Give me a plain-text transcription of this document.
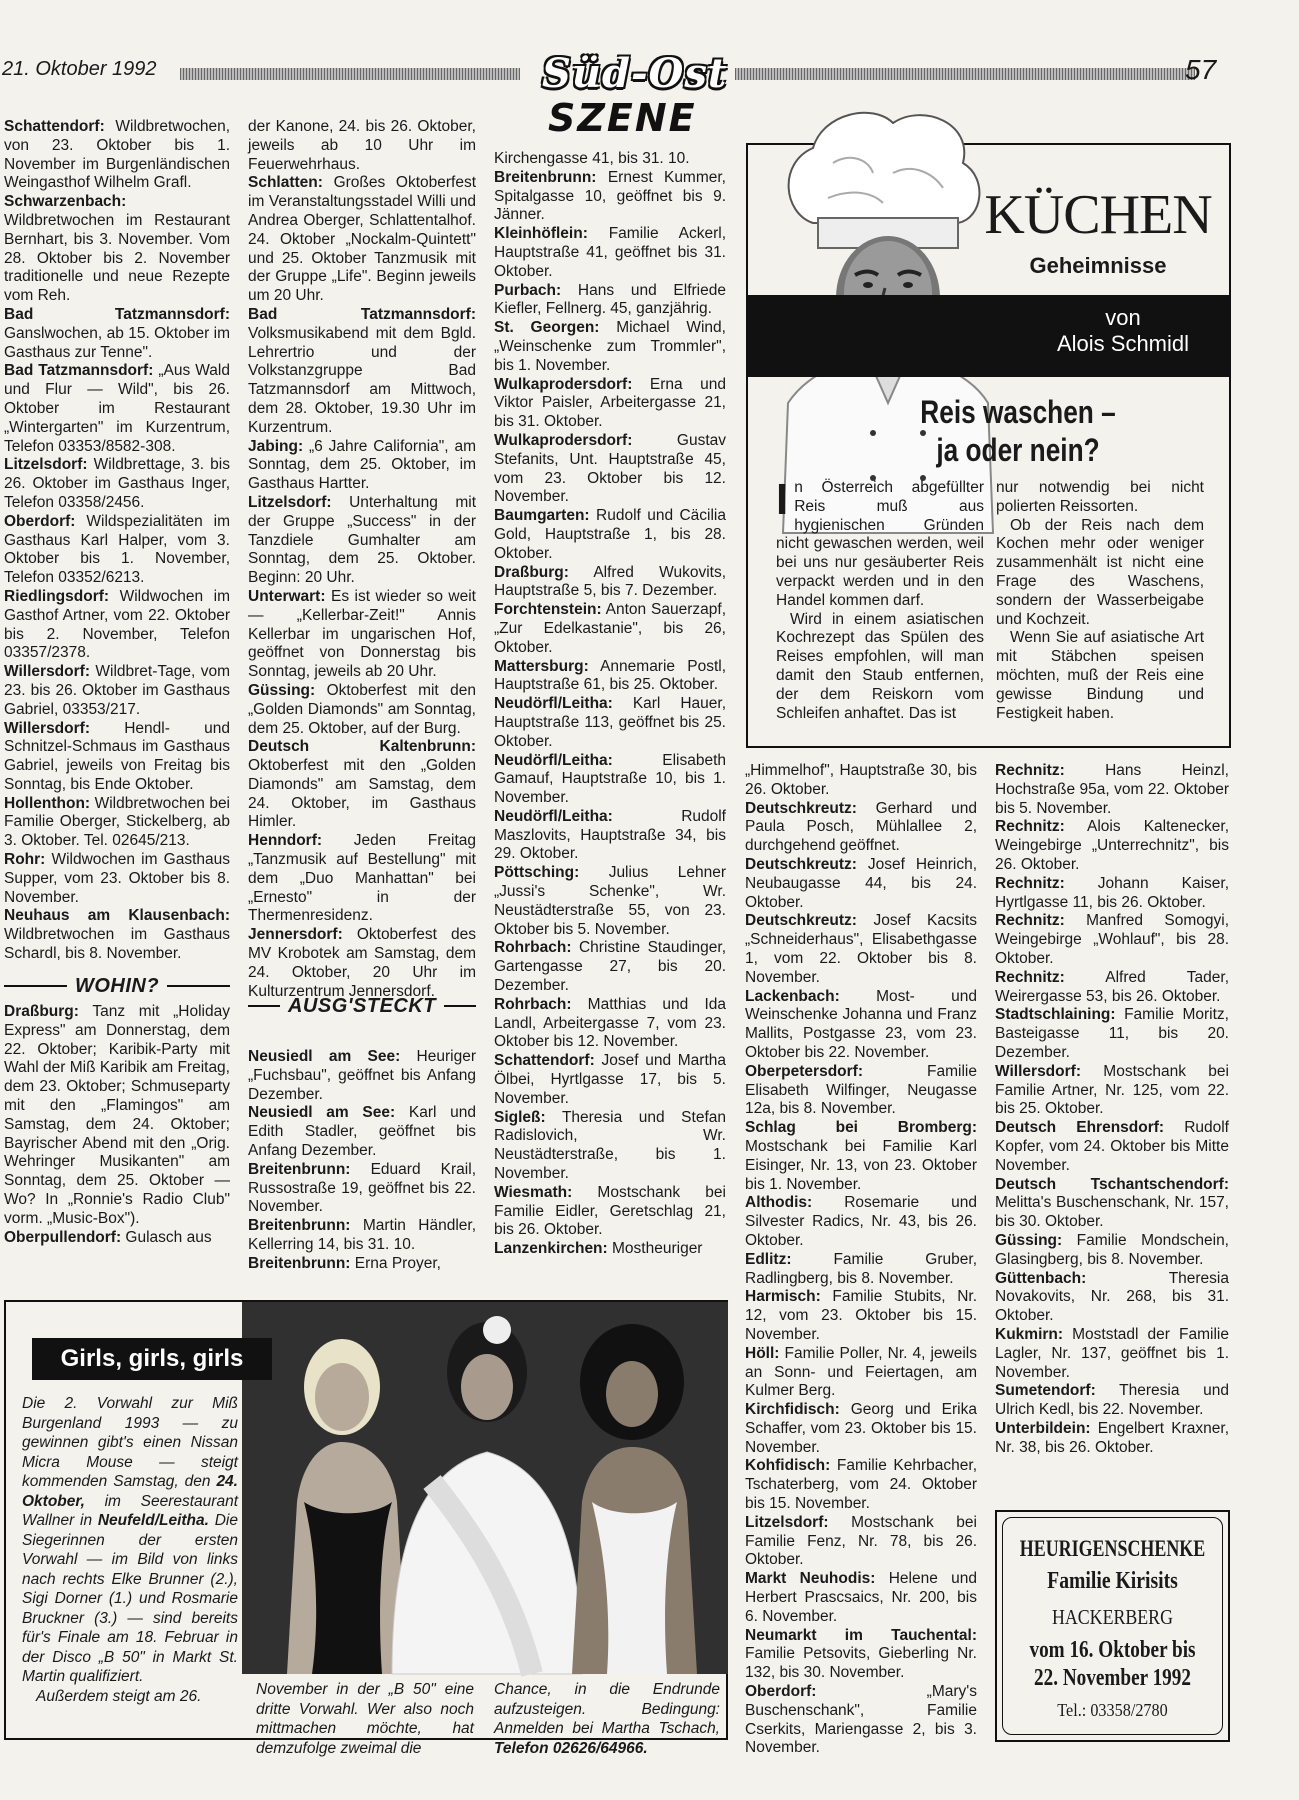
21. Oktober 1992	Süd-Ost
SZENE
57

Schattendorf: Wildbretwochen, von 23. Oktober bis 1. November im Burgenländischen Weingasthof Wilhelm Grafl.

Schwarzenbach: Wildbretwochen im Restaurant Bernhart, bis 3. November. Vom 28. Oktober bis 2. November traditionelle und neue Rezepte vom Reh.

Bad Tatzmannsdorf: Ganslwochen, ab 15. Oktober im Gasthaus zur Tenne".

Bad Tatzmannsdorf: „Aus Wald und Flur — Wild", bis 26. Oktober im Restaurant „Wintergarten" im Kurzentrum, Telefon 03353/8582-308.

Litzelsdorf: Wildbrettage, 3. bis 26. Oktober im Gasthaus Inger, Telefon 03358/2456.

Oberdorf: Wildspezialitäten im Gasthaus Karl Halper, vom 3. Oktober bis 1. November, Telefon 03352/6213.

Riedlingsdorf: Wildwochen im Gasthof Artner, vom 22. Oktober bis 2. November, Telefon 03357/2378.

Willersdorf: Wildbret-Tage, vom 23. bis 26. Oktober im Gasthaus Gabriel, 03353/217.

Willersdorf: Hendl- und Schnitzel-Schmaus im Gasthaus Gabriel, jeweils von Freitag bis Sonntag, bis Ende Oktober.

Hollenthon: Wildbretwochen bei Familie Oberger, Stickelberg, ab 3. Oktober. Tel. 02645/213.

Rohr: Wildwochen im Gasthaus Supper, vom 23. Oktober bis 8. November.

Neuhaus am Klausenbach: Wildbretwochen im Gasthaus Schardl, bis 8. November.

WOHIN?

Draßburg: Tanz mit „Holiday Express" am Donnerstag, dem 22. Oktober; Karibik-Party mit Wahl der Miß Karibik am Freitag, dem 23. Oktober; Schmuseparty mit den „Flamingos" am Samstag, dem 24. Oktober; Bayrischer Abend mit den „Orig. Wehringer Musikanten" am Sonntag, dem 25. Oktober — Wo? In „Ronnie's Radio Club" vorm. „Music-Box").

Oberpullendorf: Gulasch aus

der Kanone, 24. bis 26. Oktober, jeweils ab 10 Uhr im Feuerwehrhaus.

Schlatten: Großes Oktoberfest im Veranstaltungsstadel Willi und Andrea Oberger, Schlattentalhof. 24. Oktober „Nockalm-Quintett" und 25. Oktober Tanzmusik mit der Gruppe „Life". Beginn jeweils um 20 Uhr.

Bad Tatzmannsdorf: Volksmusikabend mit dem Bgld. Lehrertrio und der Volkstanzgruppe Bad Tatzmannsdorf am Mittwoch, dem 28. Oktober, 19.30 Uhr im Kurzentrum.

Jabing: „6 Jahre California", am Sonntag, dem 25. Oktober, im Gasthaus Hartter.

Litzelsdorf: Unterhaltung mit der Gruppe „Success" in der Tanzdiele Gumhalter am Sonntag, dem 25. Oktober. Beginn: 20 Uhr.

Unterwart: Es ist wieder so weit — „Kellerbar-Zeit!" Annis Kellerbar im ungarischen Hof, geöffnet von Donnerstag bis Sonntag, jeweils ab 20 Uhr.

Güssing: Oktoberfest mit den „Golden Diamonds" am Sonntag, dem 25. Oktober, auf der Burg.

Deutsch Kaltenbrunn: Oktoberfest mit den „Golden Diamonds" am Samstag, dem 24. Oktober, im Gasthaus Himler.

Henndorf: Jeden Freitag „Tanzmusik auf Bestellung" mit dem „Duo Manhattan" bei „Ernesto" in der Thermenresidenz.

Jennersdorf: Oktoberfest des MV Krobotek am Samstag, dem 24. Oktober, 20 Uhr im Kulturzentrum Jennersdorf.

AUSG'STECKT

Neusiedl am See: Heuriger „Fuchsbau", geöffnet bis Anfang Dezember.

Neusiedl am See: Karl und Edith Stadler, geöffnet bis Anfang Dezember.

Breitenbrunn: Eduard Krail, Russostraße 19, geöffnet bis 22. November.

Breitenbrunn: Martin Händler, Kellerring 14, bis 31. 10.

Breitenbrunn: Erna Proyer,

Kirchengasse 41, bis 31. 10.

Breitenbrunn: Ernest Kummer, Spitalgasse 10, geöffnet bis 9. Jänner.

Kleinhöflein: Familie Ackerl, Hauptstraße 41, geöffnet bis 31. Oktober.

Purbach: Hans und Elfriede Kiefler, Fellnerg. 45, ganzjährig.

St. Georgen: Michael Wind, „Weinschenke zum Trommler", bis 1. November.

Wulkaprodersdorf: Erna und Viktor Paisler, Arbeitergasse 21, bis 31. Oktober.

Wulkaprodersdorf:	Gustav Stefanits, Unt. Hauptstraße 45, vom 23. Oktober bis 12. November.

Baumgarten: Rudolf und Cäcilia Gold, Hauptstraße 1, bis 28. Oktober.

Draßburg: Alfred Wukovits, Hauptstraße 5, bis 7. Dezember.

Forchtenstein: Anton Sauerzapf, „Zur Edelkastanie", bis 26, Oktober.

Mattersburg: Annemarie Postl, Hauptstraße 61, bis 25. Oktober.

Neudörfl/Leitha: Karl Hauer, Hauptstraße 113, geöffnet bis 25. Oktober.

Neudörfl/Leitha:	Elisabeth Gamauf, Hauptstraße 10, bis 1. November.

Neudörfl/Leitha:	Rudolf Maszlovits, Hauptstraße 34, bis 29. Oktober.

Pöttsching: Julius Lehner „Jussi's Schenke", Wr. Neustädterstraße 55, von 23. Oktober bis 5. November.

Rohrbach: Christine Staudinger, Gartengasse 27, bis 20. Dezember.

Rohrbach: Matthias und Ida Landl, Arbeitergasse 7, vom 23. Oktober bis 12. November.

Schattendorf: Josef und Martha Ölbei, Hyrtlgasse 17, bis 5. November.

Sigleß: Theresia und Stefan Radislovich, Wr. Neustädterstraße, bis 1. November.

Wiesmath: Mostschank bei Familie Eidler, Geretschlag 21, bis 26. Oktober.

Lanzenkirchen: Mostheuriger

„Himmelhof", Hauptstraße 30, bis 26. Oktober.

Deutschkreutz: Gerhard und Paula Posch, Mühlallee 2, durchgehend geöffnet.

Deutschkreutz: Josef Heinrich, Neubaugasse 44, bis 24. Oktober.

Deutschkreutz: Josef Kacsits „Schneiderhaus", Elisabethgasse 1, vom 22. Oktober bis 8. November.

Lackenbach: Most- und Weinschenke Johanna und Franz Mallits, Postgasse 23, vom 23. Oktober bis 22. November.

Oberpetersdorf:	Familie Elisabeth Wilfinger, Neugasse 12a, bis 8. November.

Schlag bei Bromberg: Mostschank bei Familie Karl Eisinger, Nr. 13, von 23. Oktober bis 1. November.

Althodis: Rosemarie und Silvester Radics, Nr. 43, bis 26. Oktober.

Edlitz:	Familie Gruber, Radlingberg, bis 8. November.

Harmisch: Familie Stubits, Nr. 12, vom 23. Oktober bis 15. November.

Höll: Familie Poller, Nr. 4, jeweils an Sonn- und Feiertagen, am Kulmer Berg.

Kirchfidisch: Georg und Erika Schaffer, vom 23. Oktober bis 15. November.

Kohfidisch: Familie Kehrbacher, Tschaterberg, vom 24. Oktober bis 15. November.

Litzelsdorf: Mostschank bei Familie Fenz, Nr. 78, bis 26. Oktober.

Markt Neuhodis: Helene und Herbert Prascsaics, Nr. 200, bis 6. November.

Neumarkt im Tauchental: Familie Petsovits, Gieberling Nr. 132, bis 30. November.

Oberdorf:	„Mary's Buschenschank", Familie Cserkits, Mariengasse 2, bis 3. November.

Rechnitz:	Hans Heinzl, Hochstraße 95a, vom 22. Oktober bis 5. November.

Rechnitz: Alois Kaltenecker, Weingebirge „Unterrechnitz", bis 26. Oktober.

Rechnitz: Johann Kaiser, Hyrtlgasse 11, bis 26. Oktober.

Rechnitz: Manfred Somogyi, Weingebirge „Wohlauf", bis 28. Oktober.

Rechnitz:	Alfred Tader, Weirergasse 53, bis 26. Oktober.

Stadtschlaining: Familie Moritz, Basteigasse 11, bis 20. Dezember.

Willersdorf: Mostschank bei Familie Artner, Nr. 125, vom 22. bis 25. Oktober.

Deutsch Ehrensdorf: Rudolf Kopfer, vom 24. Oktober bis Mitte November.

Deutsch Tschantschendorf: Melitta's Buschenschank, Nr. 157, bis 30. Oktober.

Güssing: Familie Mondschein, Glasingberg, bis 8. November.

Güttenbach:	Theresia Novakovits, Nr. 268, bis 31. Oktober.

Kukmirn: Moststadl der Familie Lagler, Nr. 137, geöffnet bis 1. November.

Sumetendorf: Theresia und Ulrich Kedl, bis 22. November.

Unterbildein: Engelbert Kraxner, Nr. 38, bis 26. Oktober.

KÜCHEN
Geheimnisse
von
Alois Schmidl
Reis waschen –
ja oder nein?

In Österreich abgefüllter Reis muß aus hygienischen Gründen nicht gewaschen werden, weil bei uns nur gesäuberter Reis verpackt werden und in den Handel kommen darf.

Wird in einem asiatischen Kochrezept das Spülen des Reises empfohlen, will man damit den Staub entfernen, der dem Reiskorn vom Schleifen anhaftet. Das ist

nur notwendig bei nicht polierten Reissorten.

Ob der Reis nach dem Kochen mehr oder weniger zusammenhält ist nicht eine Frage des Waschens, sondern der Wasserbeigabe und Kochzeit.

Wenn Sie auf asiatische Art mit Stäbchen speisen möchten, muß der Reis eine gewisse Bindung und Festigkeit haben.

Girls, girls, girls
Die 2. Vorwahl zur Miß Burgenland 1993 — zu gewinnen gibt's einen Nissan Micra Mouse — steigt kommenden Samstag, den 24. Oktober, im Seerestaurant Wallner in Neufeld/Leitha. Die Siegerinnen der ersten Vorwahl — im Bild von links nach rechts Elke Brunner (2.), Sigi Dorner (1.) und Rosmarie Bruckner (3.) — sind bereits für's Finale am 18. Februar in der Disco „B 50" in Markt St. Martin qualifiziert.
Außerdem steigt am 26.	November in der „B 50" eine dritte Vorwahl. Wer also noch mittmachen möchte, hat demzufolge zweimal die
Chance, in die Endrunde aufzusteigen. Bedingung: Anmelden bei Martha Tschach, Telefon 02626/64966.
HEURIGENSCHENKE
Familie Kirisits
HACKERBERG
vom 16. Oktober bis
22. November 1992
Tel.: 03358/2780
